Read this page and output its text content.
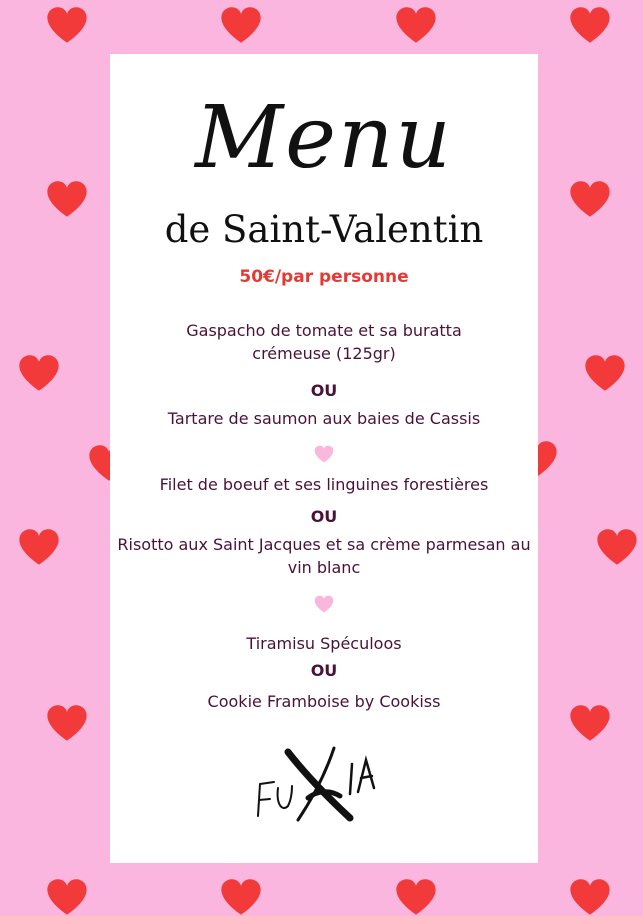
Menu
de Saint-Valentin
50€/par personne
Gaspacho de tomate et sa buratta crémeuse (125gr)
OU
Tartare de saumon aux baies de Cassis
Filet de boeuf et ses linguines forestières
OU
Risotto aux Saint Jacques et sa crème parmesan au vin blanc
Tiramisu Spéculoos
OU
Cookie Framboise by Cookiss
